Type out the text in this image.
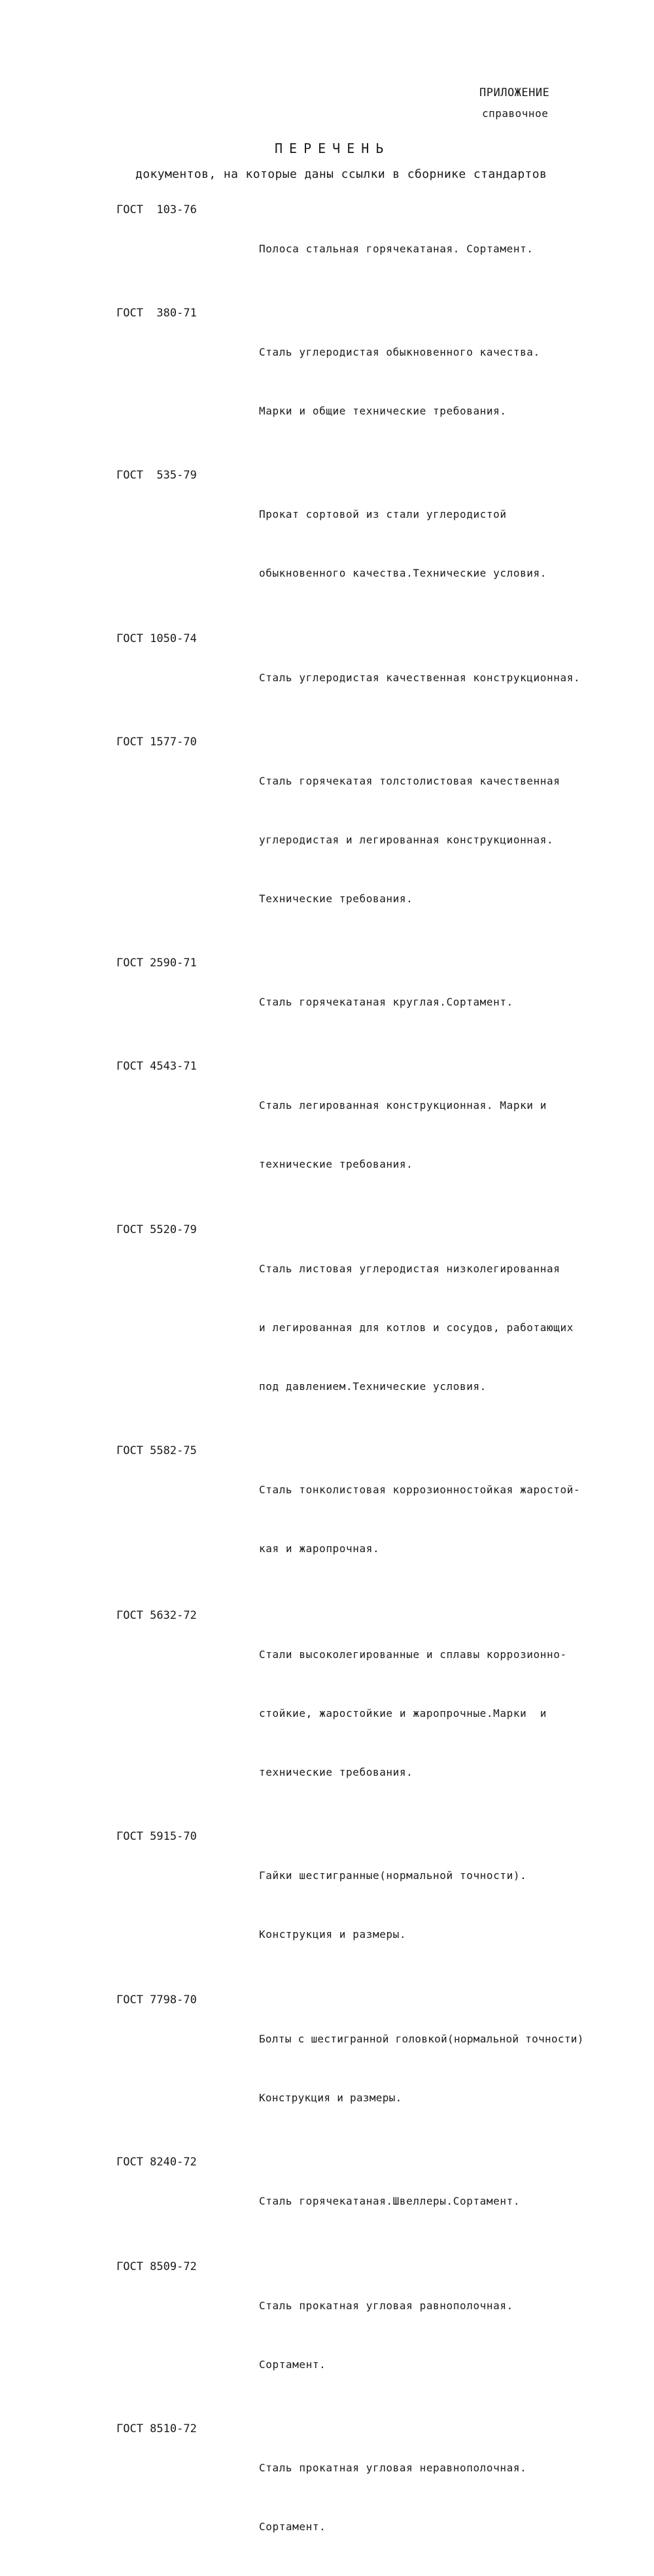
ПРИЛОЖЕНИЕ

справочное

ПЕРЕЧЕНЬ

документов, на которые даны ссылки в сборнике стандартов

ГОСТ  103-76

Полоса стальная горячекатаная. Сортамент.

ГОСТ  380-71

Сталь углеродистая обыкновенного качества.

Марки и общие технические требования.

ГОСТ  535-79

Прокат сортовой из стали углеродистой

обыкновенного качества.Технические условия.

ГОСТ 1050-74

Сталь углеродистая качественная конструкционная.

ГОСТ 1577-70

Сталь горячекатая толстолистовая качественная

углеродистая и легированная конструкционная.

Технические требования.

ГОСТ 2590-71

Сталь горячекатаная круглая.Сортамент.

ГОСТ 4543-71

Сталь легированная конструкционная. Марки и

технические требования.

ГОСТ 5520-79

Сталь листовая углеродистая низколегированная

и легированная для котлов и сосудов, работающих

под давлением.Технические условия.

ГОСТ 5582-75

Сталь тонколистовая коррозионностойкая жаростой-

кая и жаропрочная.

ГОСТ 5632-72

Стали высоколегированные и сплавы коррозионно-

стойкие, жаростойкие и жаропрочные.Марки  и

технические требования.

ГОСТ 5915-70

Гайки шестигранные(нормальной точности).

Конструкция и размеры.

ГОСТ 7798-70

Болты с шестигранной головкой(нормальной точности)

Конструкция и размеры.

ГОСТ 8240-72

Сталь горячекатаная.Швеллеры.Сортамент.

ГОСТ 8509-72

Сталь прокатная угловая равнополочная.

Сортамент.

ГОСТ 8510-72

Сталь прокатная угловая неравнополочная.

Сортамент.
